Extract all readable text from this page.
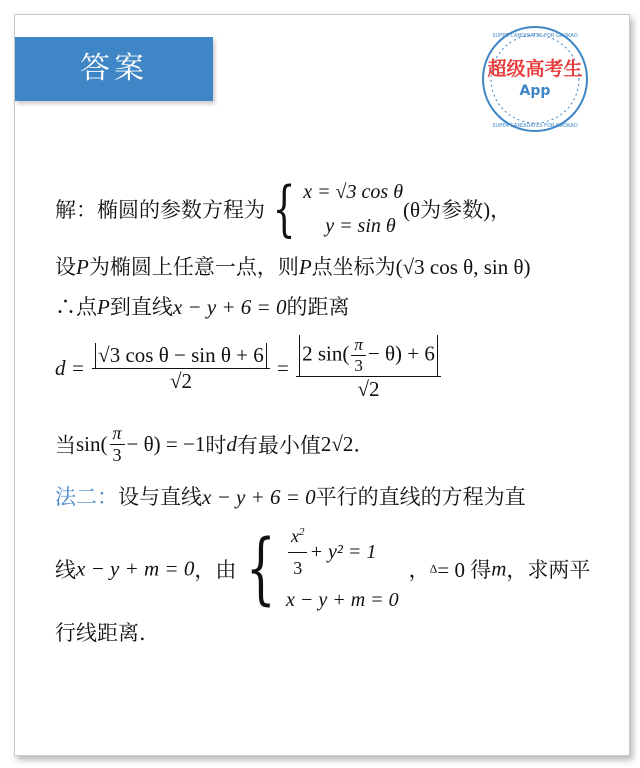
答案
SUPER CANDIDATES FOR GAOKAO
SUPER CANDIDATES FOR GAOKAO
超级高考生
App
解：椭圆的参数方程为 { x = √3 cos θ
y = sin θ(θ为参数)，
设P为椭圆上任意一点，则P点坐标为(√3 cos θ, sin θ)
∴点P到直线x − y + 6 = 0的距离
$d = \frac{\text{√3 cos θ − sin θ + 6}}{√2} = \frac{2 \sin( \frac{\pi}{3} - \theta) + 6}{√2}$
当$\sin( \frac{\pi}{3} - \theta) = -1$时d有最小值2√2.
法二：设与直线x − y + 6 = 0平行的直线的方程为直
线x − y + m = 0，由 { $\frac{x^2}{3} + y^2 = 1$
x − y + m = 0，Δ= 0 得m，求两平
行线距离.
